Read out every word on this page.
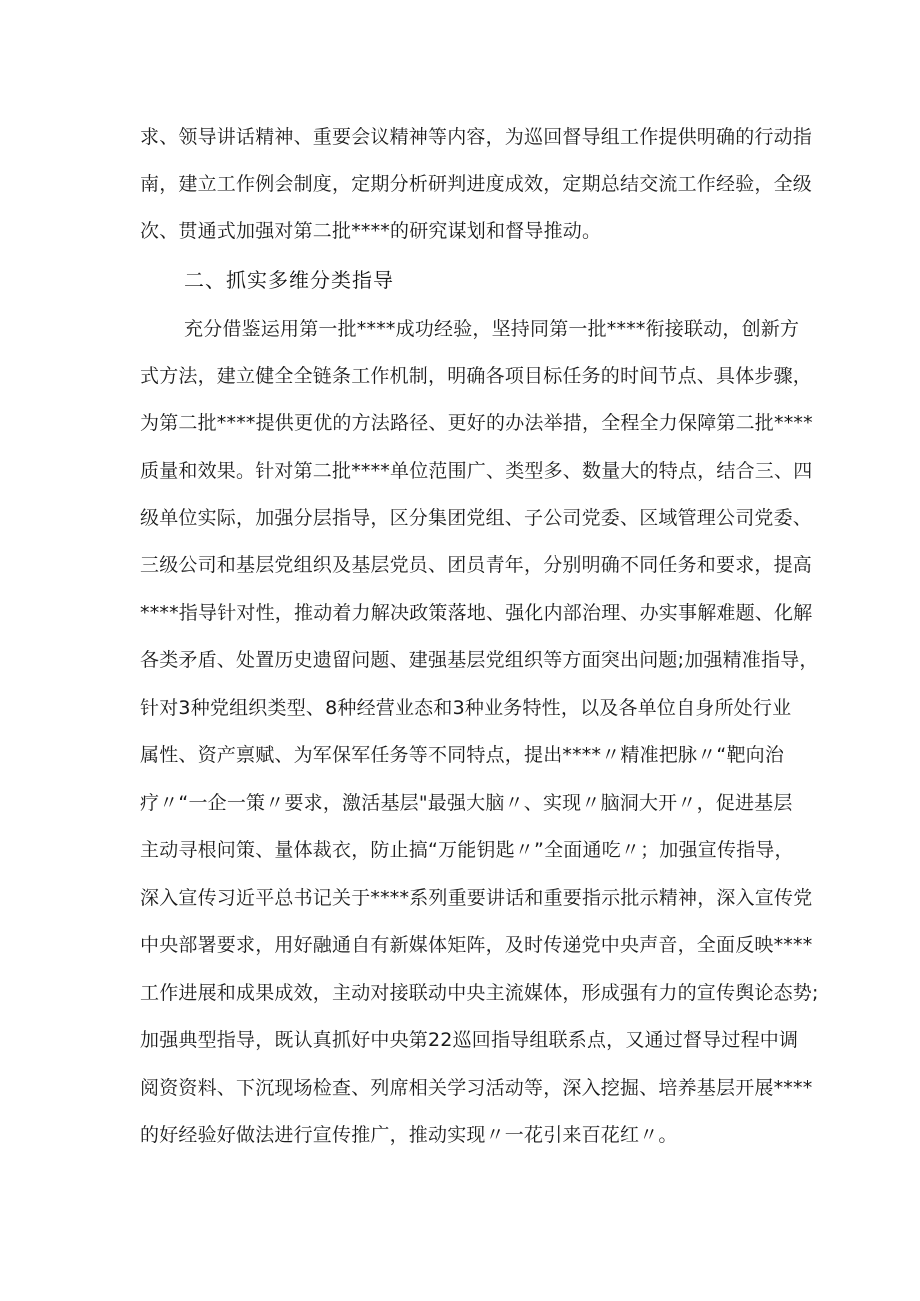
求、领导讲话精神、重要会议精神等内容，为巡回督导组工作提供明确的行动指
南，建立工作例会制度，定期分析研判进度成效，定期总结交流工作经验，全级
次、贯通式加强对第二批****的研究谋划和督导推动。
二、抓实多维分类指导
充分借鉴运用第一批****成功经验，坚持同第一批****衔接联动，创新方
式方法，建立健全全链条工作机制，明确各项目标任务的时间节点、具体步骤，
为第二批****提供更优的方法路径、更好的办法举措，全程全力保障第二批****
质量和效果。针对第二批****单位范围广、类型多、数量大的特点，结合三、四
级单位实际，加强分层指导，区分集团党组、子公司党委、区域管理公司党委、
三级公司和基层党组织及基层党员、团员青年，分别明确不同任务和要求，提高
****指导针对性，推动着力解决政策落地、强化内部治理、办实事解难题、化解
各类矛盾、处置历史遗留问题、建强基层党组织等方面突出问题;加强精准指导，
针对3种党组织类型、8种经营业态和3种业务特性，以及各单位自身所处行业
属性、资产禀赋、为军保军任务等不同特点，提出****〃精准把脉〃“靶向治
疗〃“一企一策〃要求，激活基层"最强大脑〃、实现〃脑洞大开〃，促进基层
主动寻根问策、量体裁衣，防止搞“万能钥匙〃”全面通吃〃；加强宣传指导，
深入宣传习近平总书记关于****系列重要讲话和重要指示批示精神，深入宣传党
中央部署要求，用好融通自有新媒体矩阵，及时传递党中央声音，全面反映****
工作进展和成果成效，主动对接联动中央主流媒体，形成强有力的宣传舆论态势;
加强典型指导，既认真抓好中央第22巡回指导组联系点，又通过督导过程中调
阅资资料、下沉现场检查、列席相关学习活动等，深入挖掘、培养基层开展****
的好经验好做法进行宣传推广，推动实现〃一花引来百花红〃。
